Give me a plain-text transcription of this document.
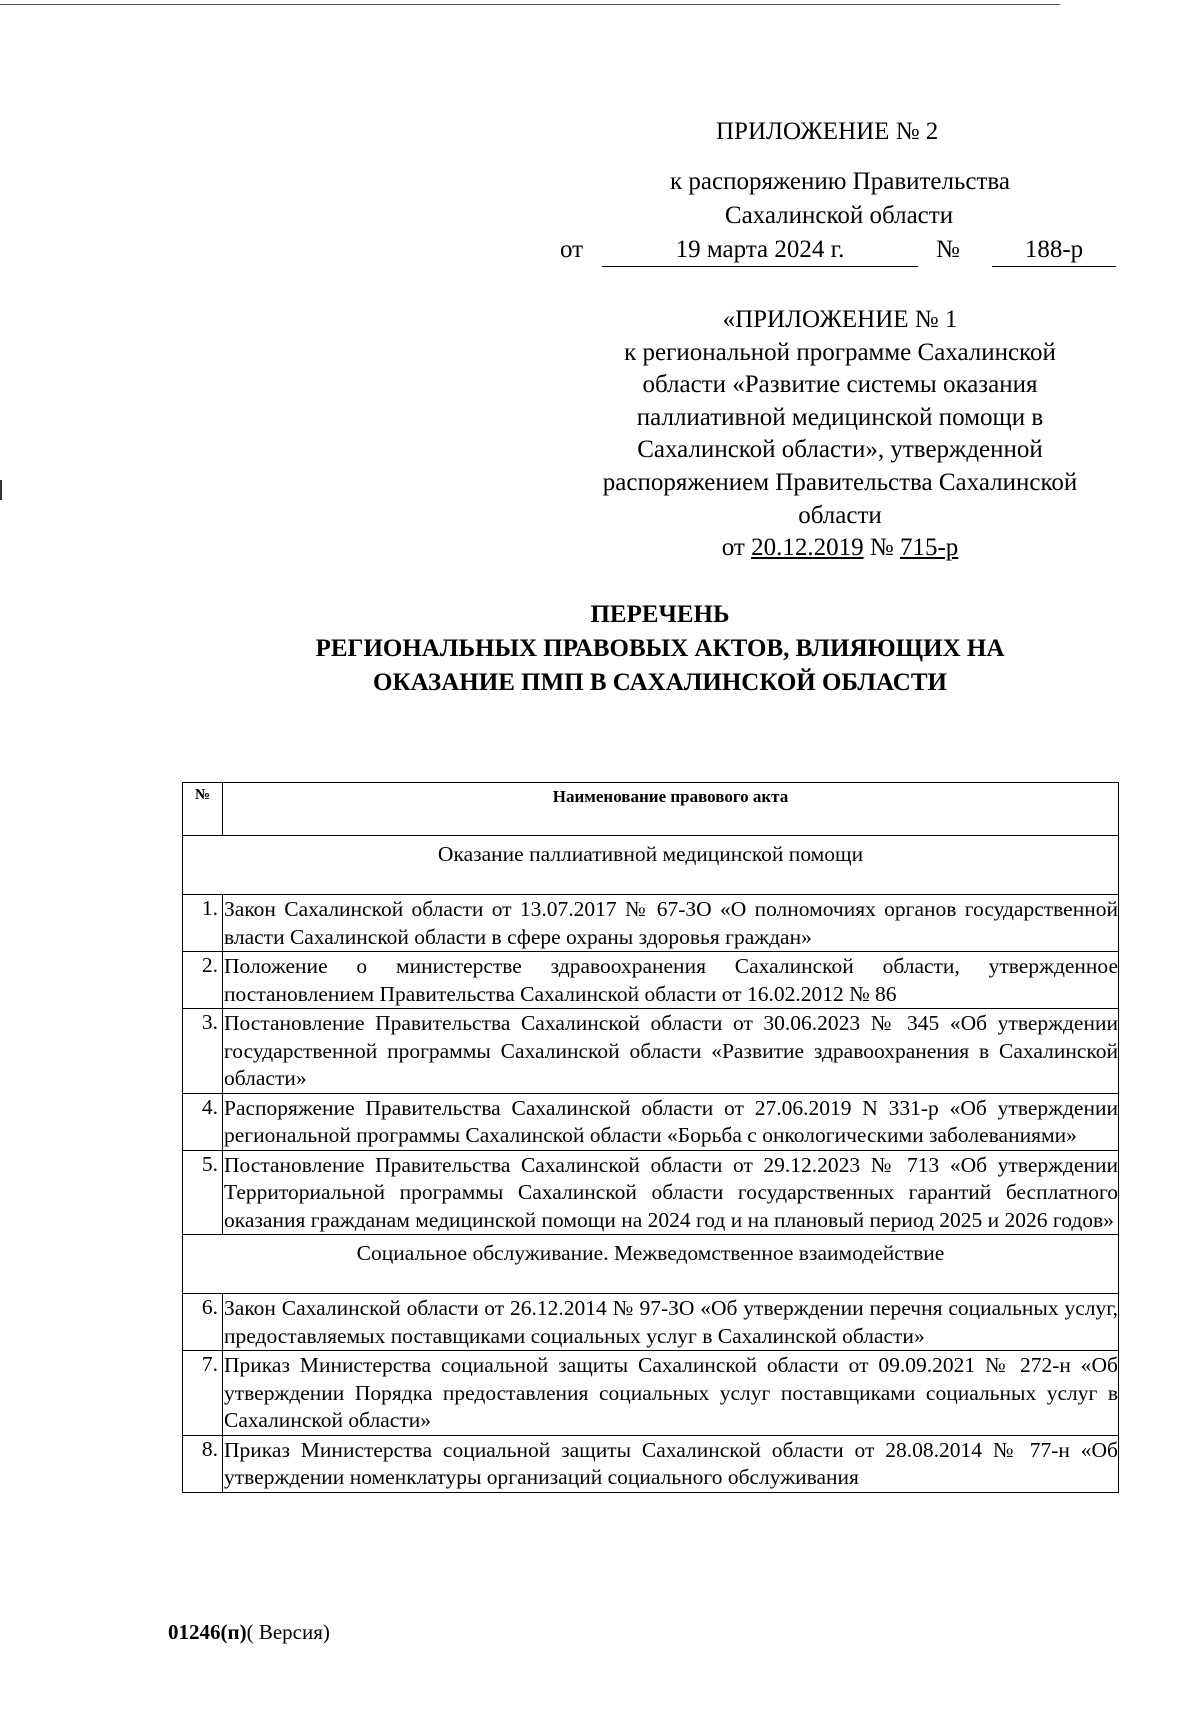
ПРИЛОЖЕНИЕ № 2
к распоряжению Правительства
Сахалинской области
от	19 марта 2024 г.	№	188-р
«ПРИЛОЖЕНИЕ № 1
к региональной программе Сахалинской
области «Развитие системы оказания
паллиативной медицинской помощи в
Сахалинской области», утвержденной
распоряжением Правительства Сахалинской
области
от 20.12.2019 № 715-р
ПЕРЕЧЕНЬ
РЕГИОНАЛЬНЫХ ПРАВОВЫХ АКТОВ, ВЛИЯЮЩИХ НА
ОКАЗАНИЕ ПМП В САХАЛИНСКОЙ ОБЛАСТИ
№	Наименование правового акта
Оказание паллиативной медицинской помощи	
1.	Закон Сахалинской области от 13.07.2017 № 67-ЗО «О полномочиях органов государственной власти Сахалинской области в сфере охраны здоровья граждан»
2.	Положение о министерстве здравоохранения Сахалинской области, утвержденное постановлением Правительства Сахалинской области от 16.02.2012 № 86
3.	Постановление Правительства Сахалинской области от 30.06.2023 № 345 «Об утверждении государственной программы Сахалинской области «Развитие здравоохранения в Сахалинской области»
4.	Распоряжение Правительства Сахалинской области от 27.06.2019 N 331-р «Об утверждении региональной программы Сахалинской области «Борьба с онкологическими заболеваниями»
5.	Постановление Правительства Сахалинской области от 29.12.2023 № 713 «Об утверждении Территориальной программы Сахалинской области государственных гарантий бесплатного оказания гражданам медицинской помощи на 2024 год и на плановый период 2025 и 2026 годов»
Социальное обслуживание. Межведомственное взаимодействие	
6.	Закон Сахалинской области от 26.12.2014 № 97-ЗО «Об утверждении перечня социальных услуг, предоставляемых поставщиками социальных услуг в Сахалинской области»
7.	Приказ Министерства социальной защиты Сахалинской области от 09.09.2021 № 272-н «Об утверждении Порядка предоставления социальных услуг поставщиками социальных услуг в Сахалинской области»
8.	Приказ Министерства социальной защиты Сахалинской области от 28.08.2014 № 77-н «Об утверждении номенклатуры организаций социального обслуживания
01246(п)( Версия)
